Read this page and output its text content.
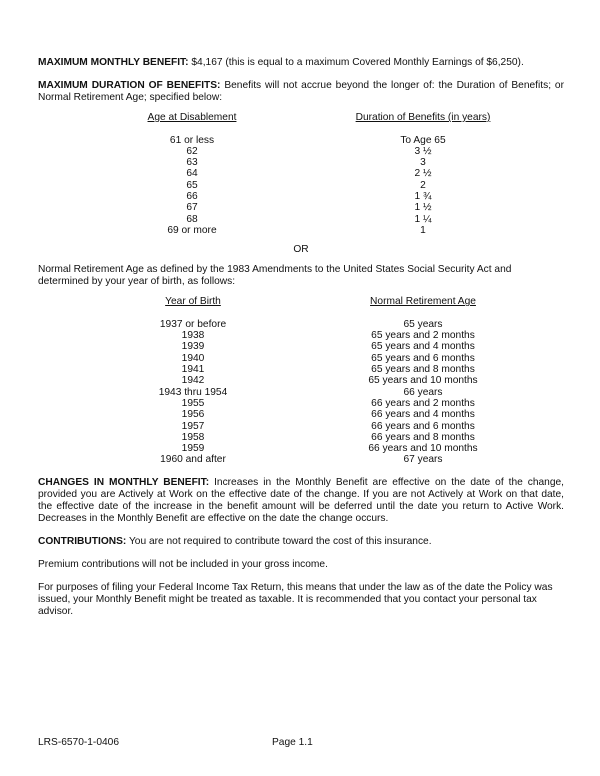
MAXIMUM MONTHLY BENEFIT: $4,167 (this is equal to a maximum Covered Monthly Earnings of $6,250).

MAXIMUM DURATION OF BENEFITS: Benefits will not accrue beyond the longer of: the Duration of Benefits; or Normal Retirement Age; specified below:

Age at Disablement	Duration of Benefits (in years)
61 or less	To Age 65
62	3 ½
63	3
64	2 ½
65	2
66	1 ¾
67	1 ½
68	1 ¼
69 or more	1

OR

Normal Retirement Age as defined by the 1983 Amendments to the United States Social Security Act and determined by your year of birth, as follows:

Year of Birth	Normal Retirement Age
1937 or before	65 years
1938	65 years and 2 months
1939	65 years and 4 months
1940	65 years and 6 months
1941	65 years and 8 months
1942	65 years and 10 months
1943 thru 1954	66 years
1955	66 years and 2 months
1956	66 years and 4 months
1957	66 years and 6 months
1958	66 years and 8 months
1959	66 years and 10 months
1960 and after	67 years

CHANGES IN MONTHLY BENEFIT: Increases in the Monthly Benefit are effective on the date of the change, provided you are Actively at Work on the effective date of the change. If you are not Actively at Work on that date, the effective date of the increase in the benefit amount will be deferred until the date you return to Active Work. Decreases in the Monthly Benefit are effective on the date the change occurs.

CONTRIBUTIONS: You are not required to contribute toward the cost of this insurance.

Premium contributions will not be included in your gross income.

For purposes of filing your Federal Income Tax Return, this means that under the law as of the date the Policy was issued, your Monthly Benefit might be treated as taxable. It is recommended that you contact your personal tax advisor.

LRS-6570-1-0406	Page 1.1
